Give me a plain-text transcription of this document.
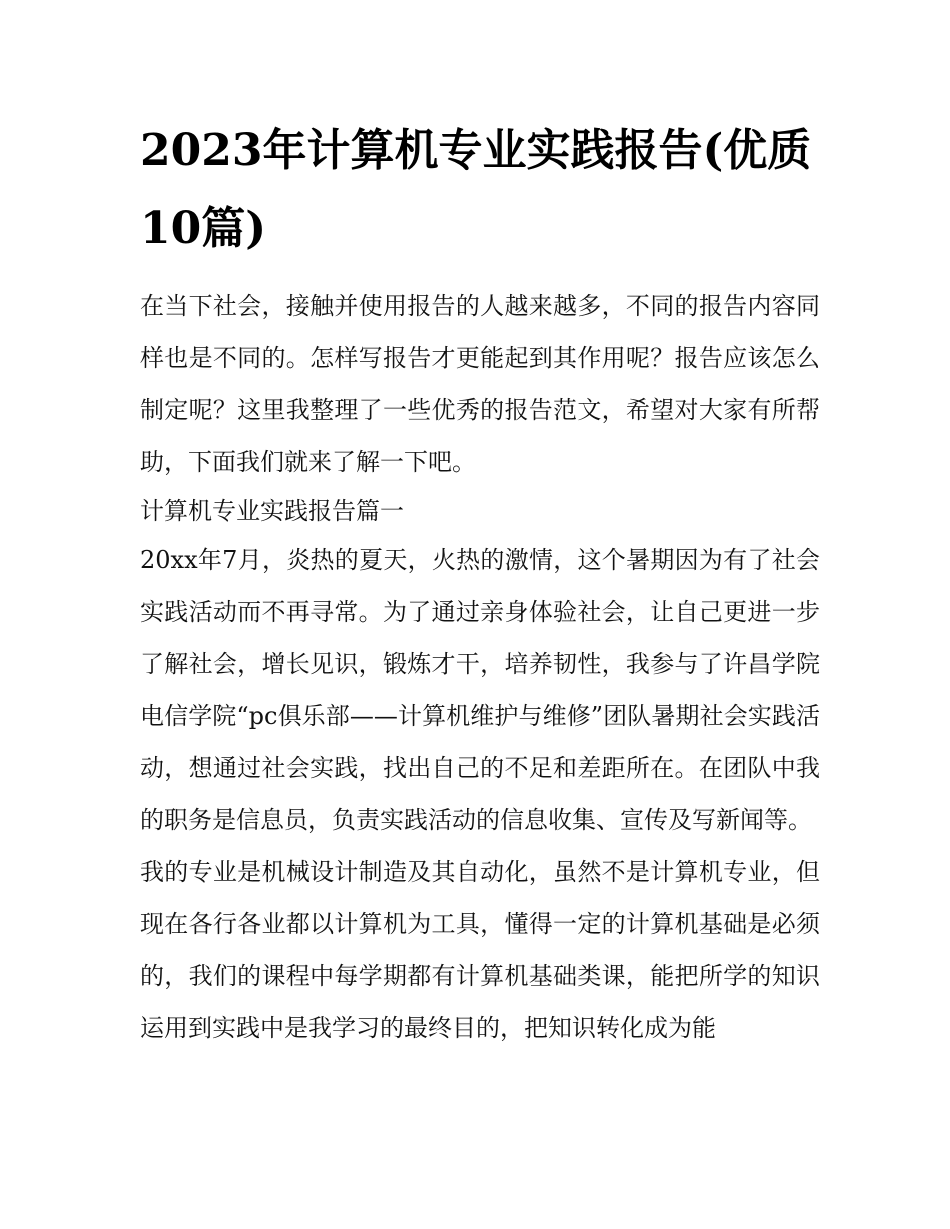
2023年计算机专业实践报告(优质10篇)

在当下社会，接触并使用报告的人越来越多，不同的报告内容同样也是不同的。怎样写报告才更能起到其作用呢？报告应该怎么制定呢？这里我整理了一些优秀的报告范文，希望对大家有所帮助，下面我们就来了解一下吧。

计算机专业实践报告篇一

20xx年7月，炎热的夏天，火热的激情，这个暑期因为有了社会实践活动而不再寻常。为了通过亲身体验社会，让自己更进一步了解社会，增长见识，锻炼才干，培养韧性，我参与了许昌学院电信学院“pc俱乐部——计算机维护与维修”团队暑期社会实践活动，想通过社会实践，找出自己的不足和差距所在。在团队中我的职务是信息员，负责实践活动的信息收集、宣传及写新闻等。

我的专业是机械设计制造及其自动化，虽然不是计算机专业，但现在各行各业都以计算机为工具，懂得一定的计算机基础是必须的，我们的课程中每学期都有计算机基础类课，能把所学的知识运用到实践中是我学习的最终目的，把知识转化成为能
